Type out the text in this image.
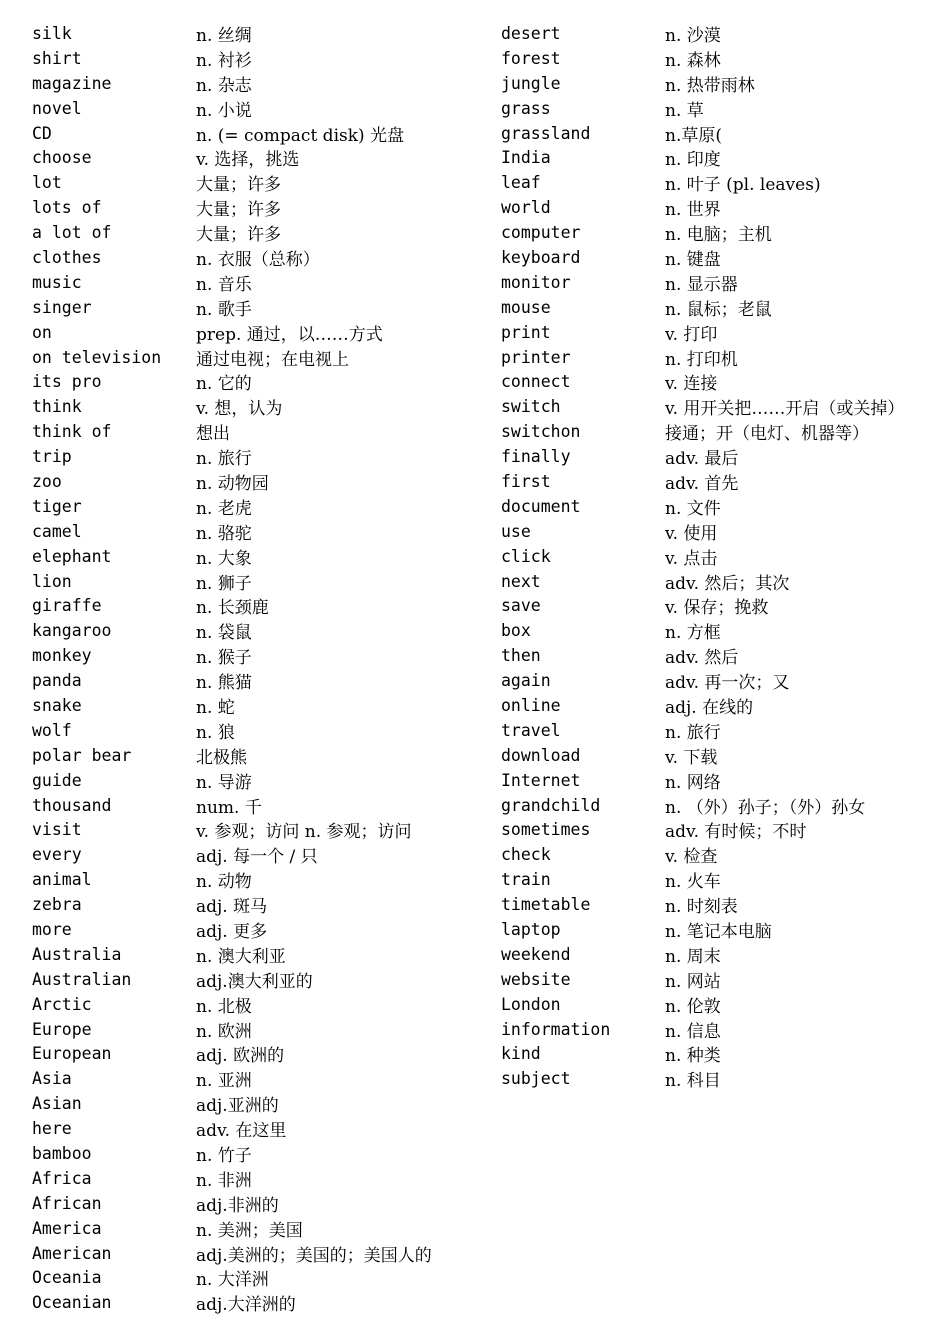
silk	n. 丝绸
shirt	n. 衬衫
magazine	n. 杂志
novel	n. 小说
CD	n. (= compact disk) 光盘
choose	v. 选择，挑选
lot	大量；许多
lots of	大量；许多
a lot of	大量；许多
clothes	n. 衣服（总称）
music	n. 音乐
singer	n. 歌手
on	prep. 通过，以……方式
on television	通过电视；在电视上
its pro	n. 它的
think	v. 想，认为
think of	想出
trip	n. 旅行
zoo	n. 动物园
tiger	n. 老虎
camel	n. 骆驼
elephant	n. 大象
lion	n. 狮子
giraffe	n. 长颈鹿
kangaroo	n. 袋鼠
monkey	n. 猴子
panda	n. 熊猫
snake	n. 蛇
wolf	n. 狼
polar bear	北极熊
guide	n. 导游
thousand	num. 千
visit	v. 参观；访问 n. 参观；访问
every	adj. 每一个 / 只
animal	n. 动物
zebra	adj. 斑马
more	adj. 更多
Australia	n. 澳大利亚
Australian	adj.澳大利亚的
Arctic	n. 北极
Europe	n. 欧洲
European	adj. 欧洲的
Asia	n. 亚洲
Asian	adj.亚洲的
here	adv. 在这里
bamboo	n. 竹子
Africa	n. 非洲
African	adj.非洲的
America	n. 美洲；美国
American	adj.美洲的；美国的；美国人的
Oceania	n. 大洋洲
Oceanian	adj.大洋洲的
desert	n. 沙漠
forest	n. 森林
jungle	n. 热带雨林
grass	n. 草
grassland	n.草原(
India	n. 印度
leaf	n. 叶子 (pl. leaves)
world	n. 世界
computer	n. 电脑；主机
keyboard	n. 键盘
monitor	n. 显示器
mouse	n. 鼠标；老鼠
print	v. 打印
printer	n. 打印机
connect	v. 连接
switch	v. 用开关把……开启（或关掉）
switchon	接通；开（电灯、机器等）
finally	adv. 最后
first	adv. 首先
document	n. 文件
use	v. 使用
click	v. 点击
next	adv. 然后；其次
save	v. 保存；挽救
box	n. 方框
then	adv. 然后
again	adv. 再一次；又
online	adj. 在线的
travel	n. 旅行
download	v. 下载
Internet	n. 网络
grandchild	n. （外）孙子；（外）孙女
sometimes	adv. 有时候；不时
check	v. 检查
train	n. 火车
timetable	n. 时刻表
laptop	n. 笔记本电脑
weekend	n. 周末
website	n. 网站
London	n. 伦敦
information	n. 信息
kind	n. 种类
subject	n. 科目
